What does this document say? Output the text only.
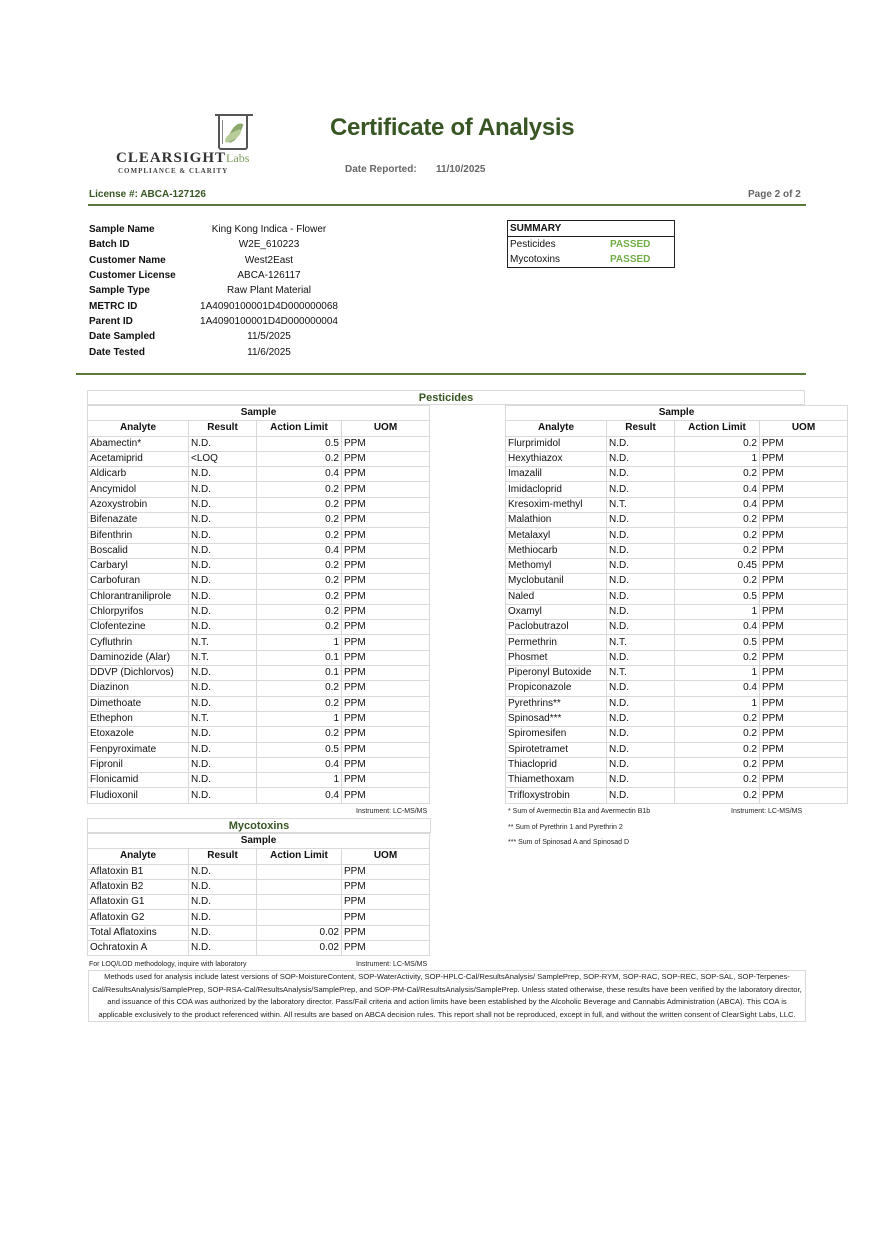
CLEARSIGHTLabs
COMPLIANCE & CLARITY
Certificate of Analysis
Date Reported: 11/10/2025
License #: ABCA-127126	Page 2 of 2
Sample Name	King Kong Indica - Flower
Batch ID	W2E_610223
Customer Name	West2East
Customer License	ABCA-126117
Sample Type	Raw Plant Material
METRC ID	1A4090100001D4D000000068
Parent ID	1A4090100001D4D000000004
Date Sampled	11/5/2025
Date Tested	11/6/2025
SUMMARY
Pesticides	PASSED
Mycotoxins	PASSED
Pesticides
Sample			
Analyte	Result	Action Limit	UOM
Abamectin*	N.D.	0.5	PPM
Acetamiprid	<LOQ	0.2	PPM
Aldicarb	N.D.	0.4	PPM
Ancymidol	N.D.	0.2	PPM
Azoxystrobin	N.D.	0.2	PPM
Bifenazate	N.D.	0.2	PPM
Bifenthrin	N.D.	0.2	PPM
Boscalid	N.D.	0.4	PPM
Carbaryl	N.D.	0.2	PPM
Carbofuran	N.D.	0.2	PPM
Chlorantraniliprole	N.D.	0.2	PPM
Chlorpyrifos	N.D.	0.2	PPM
Clofentezine	N.D.	0.2	PPM
Cyfluthrin	N.T.	1	PPM
Daminozide (Alar)	N.T.	0.1	PPM
DDVP (Dichlorvos)	N.D.	0.1	PPM
Diazinon	N.D.	0.2	PPM
Dimethoate	N.D.	0.2	PPM
Ethephon	N.T.	1	PPM
Etoxazole	N.D.	0.2	PPM
Fenpyroximate	N.D.	0.5	PPM
Fipronil	N.D.	0.4	PPM
Flonicamid	N.D.	1	PPM
Fludioxonil	N.D.	0.4	PPM
Sample			
Analyte	Result	Action Limit	UOM
Flurprimidol	N.D.	0.2	PPM
Hexythiazox	N.D.	1	PPM
Imazalil	N.D.	0.2	PPM
Imidacloprid	N.D.	0.4	PPM
Kresoxim-methyl	N.T.	0.4	PPM
Malathion	N.D.	0.2	PPM
Metalaxyl	N.D.	0.2	PPM
Methiocarb	N.D.	0.2	PPM
Methomyl	N.D.	0.45	PPM
Myclobutanil	N.D.	0.2	PPM
Naled	N.D.	0.5	PPM
Oxamyl	N.D.	1	PPM
Paclobutrazol	N.D.	0.4	PPM
Permethrin	N.T.	0.5	PPM
Phosmet	N.D.	0.2	PPM
Piperonyl Butoxide	N.T.	1	PPM
Propiconazole	N.D.	0.4	PPM
Pyrethrins**	N.D.	1	PPM
Spinosad***	N.D.	0.2	PPM
Spiromesifen	N.D.	0.2	PPM
Spirotetramet	N.D.	0.2	PPM
Thiacloprid	N.D.	0.2	PPM
Thiamethoxam	N.D.	0.2	PPM
Trifloxystrobin	N.D.	0.2	PPM
Instrument: LC-MS/MS	Instrument: LC-MS/MS
* Sum of Avermectin B1a and Avermectin B1b
** Sum of Pyrethrin 1 and Pyrethrin 2
*** Sum of Spinosad A and Spinosad D
Mycotoxins
Sample			
Analyte	Result	Action Limit	UOM
Aflatoxin B1	N.D.		PPM
Aflatoxin B2	N.D.		PPM
Aflatoxin G1	N.D.		PPM
Aflatoxin G2	N.D.		PPM
Total Aflatoxins	N.D.	0.02	PPM
Ochratoxin A	N.D.	0.02	PPM
For LOQ/LOD methodology, inquire with laboratory	Instrument: LC-MS/MS
Methods used for analysis include latest versions of SOP-MoistureContent, SOP-WaterActivity, SOP-HPLC-Cal/ResultsAnalysis/ SamplePrep, SOP-RYM, SOP-RAC, SOP-REC, SOP-SAL, SOP-Terpenes-Cal/ResultsAnalysis/SamplePrep, SOP-RSA-Cal/ResultsAnalysis/SamplePrep, and SOP-PM-Cal/ResultsAnalysis/SamplePrep. Unless stated otherwise, these results have been verified by the laboratory director, and issuance of this COA was authorized by the laboratory director. Pass/Fail criteria and action limits have been established by the Alcoholic Beverage and Cannabis Administration (ABCA). This COA is applicable exclusively to the product referenced within. All results are based on ABCA decision rules. This report shall not be reproduced, except in full, and without the written consent of ClearSight Labs, LLC.
